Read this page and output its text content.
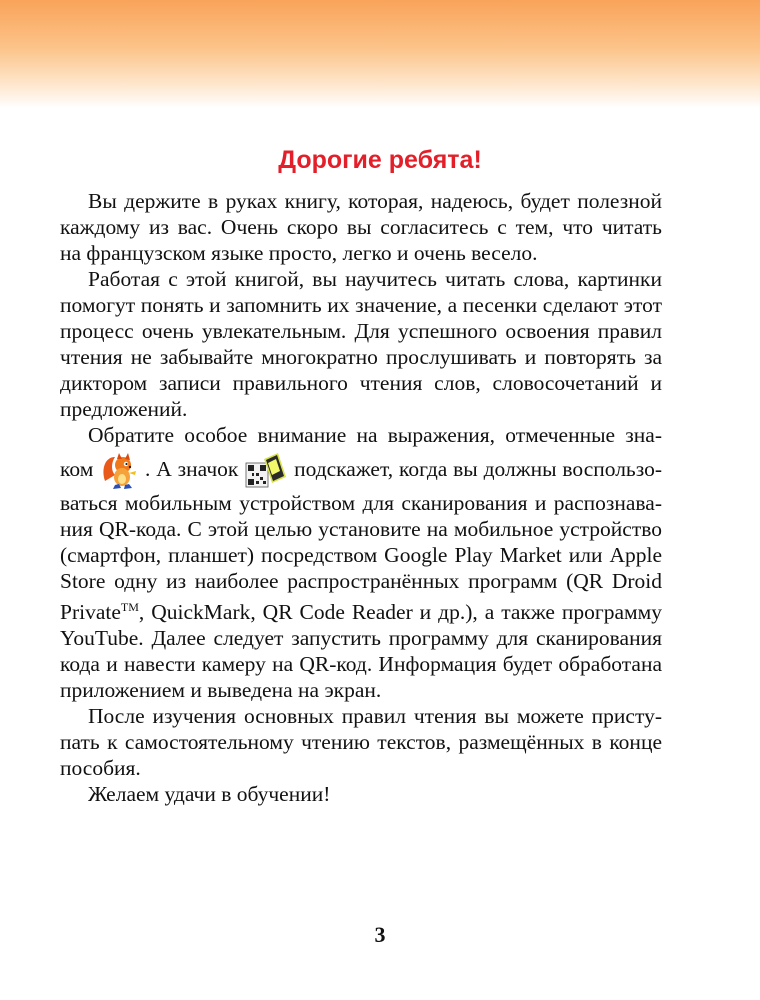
Дорогие ребята!
Вы держите в руках книгу, которая, надеюсь, будет полезной
каждому из вас. Очень скоро вы согласитесь с тем, что читать
на французском языке просто, легко и очень весело.
Работая с этой книгой, вы научитесь читать слова, картинки
помогут понять и запомнить их значение, а песенки сделают этот
процесс очень увлекательным. Для успешного освоения правил
чтения не забывайте многократно прослушивать и повторять за
диктором записи правильного чтения слов, словосочетаний и
предложений.
Обратите особое внимание на выражения, отмеченные зна-
ком . А значок	подскажет, когда вы должны воспользо-
ваться мобильным устройством для сканирования и распознава-
ния QR-кода. С этой целью установите на мобильное устройство
(смартфон, планшет) посредством Google Play Market или Apple
Store одну из наиболее распространённых программ (QR Droid
Private™, QuickMark, QR Code Reader и др.), а также программу
YouTube. Далее следует запустить программу для сканирования
кода и навести камеру на QR-код. Информация будет обработана
приложением и выведена на экран.
После изучения основных правил чтения вы можете присту-
пать к самостоятельному чтению текстов, размещённых в конце
пособия.
Желаем удачи в обучении!
3
